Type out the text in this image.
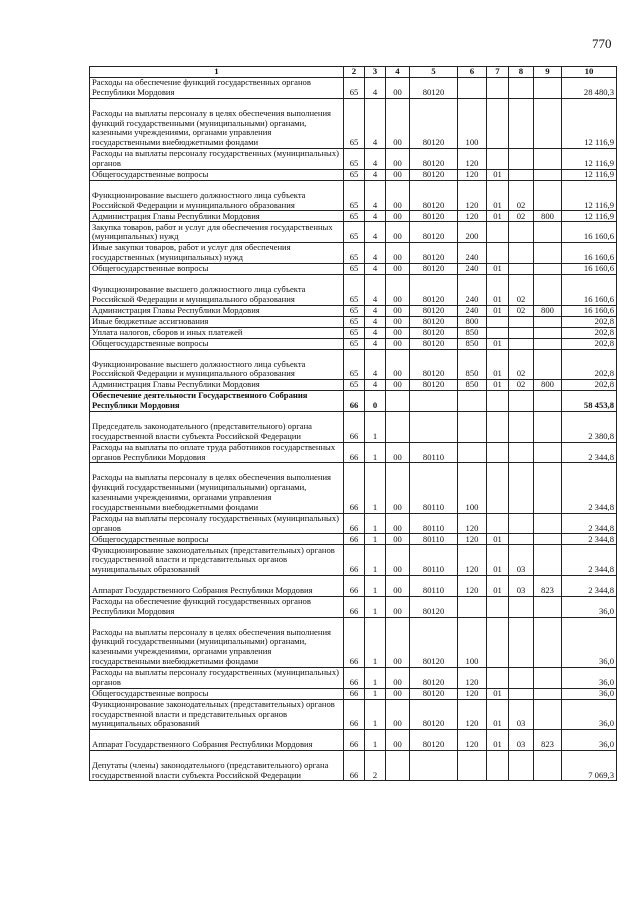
770
1	2	3	4	5	6	7	8	9	10
Расходы на обеспечение функций государственных органов Республики Мордовия	65	4	00	80120					28 480,3
Расходы на выплаты персоналу в целях обеспечения выполнения функций государственными (муниципальными) органами, казенными учреждениями, органами управления государственными внебюджетными фондами	65	4	00	80120	100				12 116,9
Расходы на выплаты персоналу государственных (муниципальных) органов	65	4	00	80120	120				12 116,9
Общегосударственные вопросы	65	4	00	80120	120	01			12 116,9
Функционирование высшего должностного лица субъекта Российской Федерации и муниципального образования	65	4	00	80120	120	01	02		12 116,9
Администрация Главы Республики Мордовия	65	4	00	80120	120	01	02	800	12 116,9
Закупка товаров, работ и услуг для обеспечения государственных (муниципальных) нужд	65	4	00	80120	200				16 160,6
Иные закупки товаров, работ и услуг для обеспечения государственных (муниципальных) нужд	65	4	00	80120	240				16 160,6
Общегосударственные вопросы	65	4	00	80120	240	01			16 160,6
Функционирование высшего должностного лица субъекта Российской Федерации и муниципального образования	65	4	00	80120	240	01	02		16 160,6
Администрация Главы Республики Мордовия	65	4	00	80120	240	01	02	800	16 160,6
Иные бюджетные ассигнования	65	4	00	80120	800				202,8
Уплата налогов, сборов и иных платежей	65	4	00	80120	850				202,8
Общегосударственные вопросы	65	4	00	80120	850	01			202,8
Функционирование высшего должностного лица субъекта Российской Федерации и муниципального образования	65	4	00	80120	850	01	02		202,8
Администрация Главы Республики Мордовия	65	4	00	80120	850	01	02	800	202,8
Обеспечение деятельности Государственного Собрания Республики Мордовия	66	0							58 453,8
Председатель законодательного (представительного) органа государственной власти субъекта Российской Федерации	66	1							2 380,8
Расходы на выплаты по оплате труда работников государственных органов Республики Мордовия	66	1	00	80110					2 344,8
Расходы на выплаты персоналу в целях обеспечения выполнения функций государственными (муниципальными) органами, казенными учреждениями, органами управления государственными внебюджетными фондами	66	1	00	80110	100				2 344,8
Расходы на выплаты персоналу государственных (муниципальных) органов	66	1	00	80110	120				2 344,8
Общегосударственные вопросы	66	1	00	80110	120	01			2 344,8
Функционирование законодательных (представительных) органов государственной власти и представительных органов муниципальных образований	66	1	00	80110	120	01	03		2 344,8
Аппарат Государственного Собрания Республики Мордовия	66	1	00	80110	120	01	03	823	2 344,8
Расходы на обеспечение функций государственных органов Республики Мордовия	66	1	00	80120					36,0
Расходы на выплаты персоналу в целях обеспечения выполнения функций государственными (муниципальными) органами, казенными учреждениями, органами управления государственными внебюджетными фондами	66	1	00	80120	100				36,0
Расходы на выплаты персоналу государственных (муниципальных) органов	66	1	00	80120	120				36,0
Общегосударственные вопросы	66	1	00	80120	120	01			36,0
Функционирование законодательных (представительных) органов государственной власти и представительных органов муниципальных образований	66	1	00	80120	120	01	03		36,0
Аппарат Государственного Собрания Республики Мордовия	66	1	00	80120	120	01	03	823	36,0
Депутаты (члены) законодательного (представительного) органа государственной власти субъекта Российской Федерации	66	2							7 069,3
